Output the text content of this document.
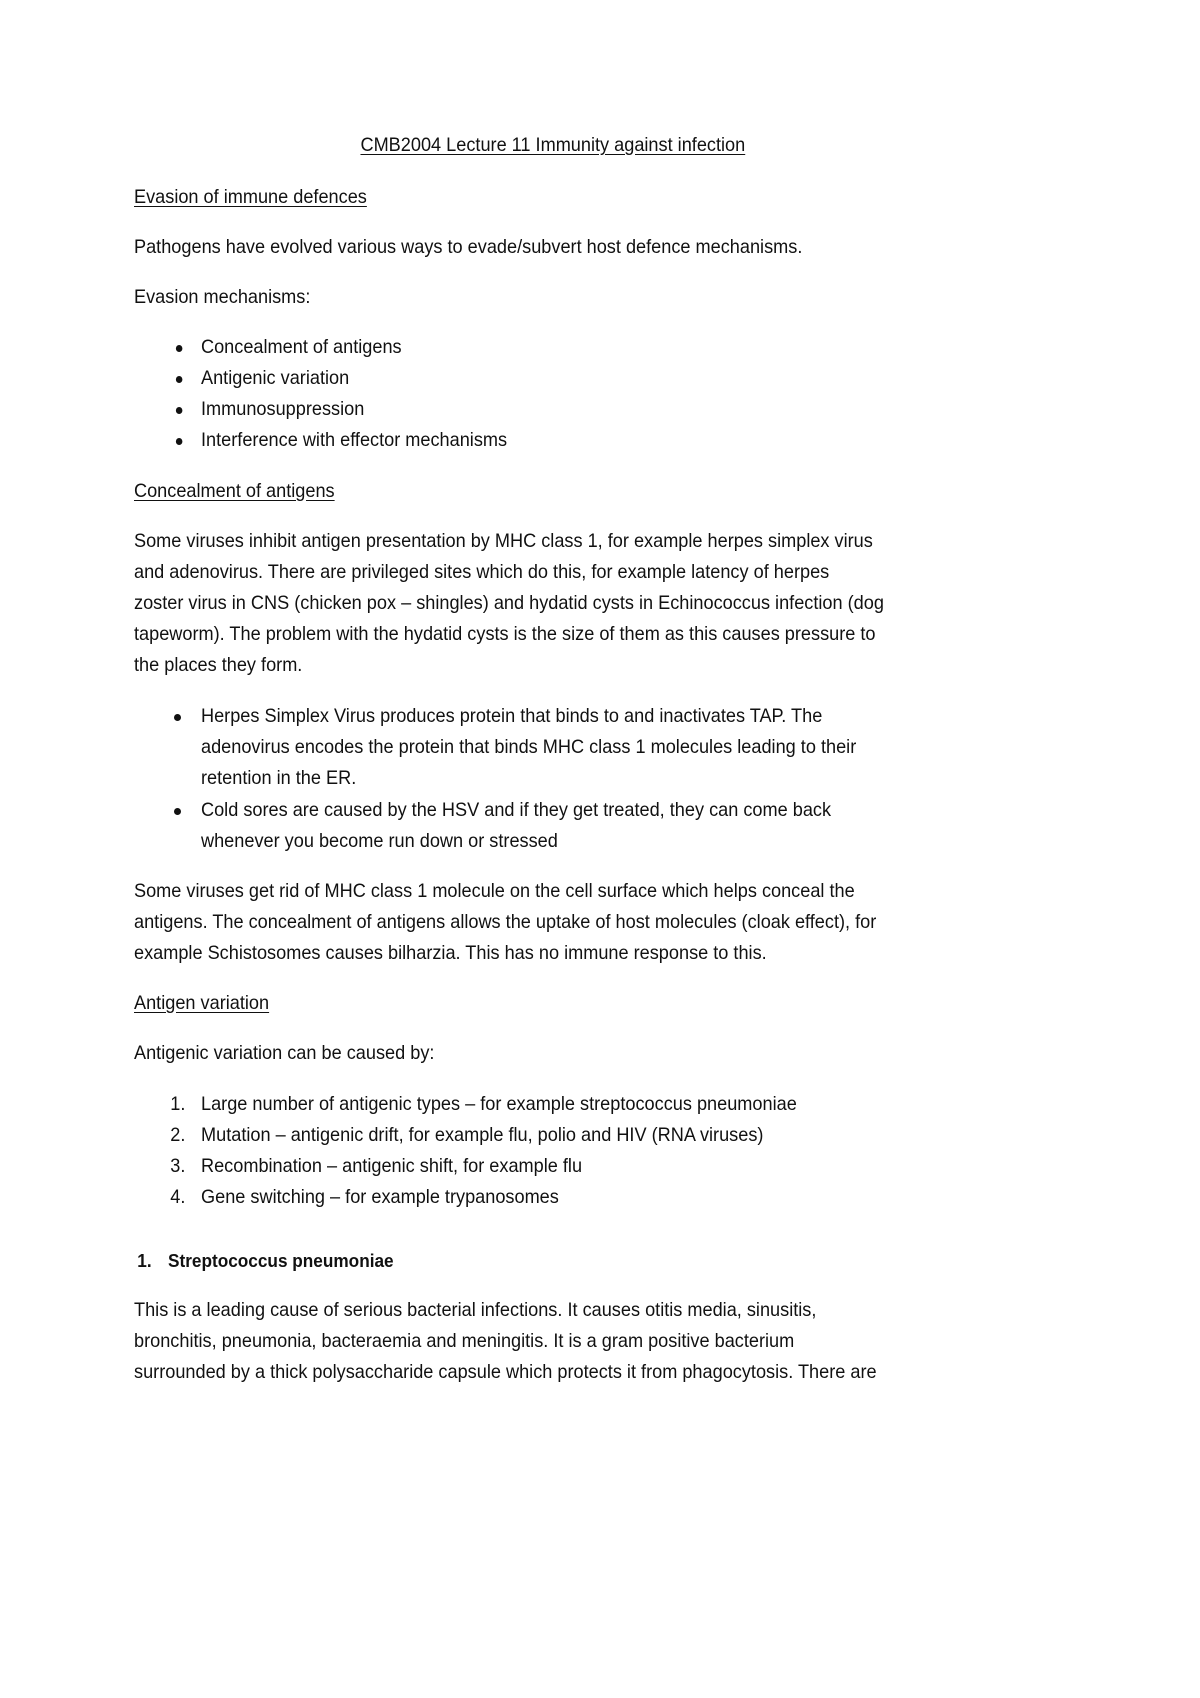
CMB2004 Lecture 11 Immunity against infection
Evasion of immune defences
Pathogens have evolved various ways to evade/subvert host defence mechanisms.
Evasion mechanisms:
Concealment of antigens
Antigenic variation
Immunosuppression
Interference with effector mechanisms
Concealment of antigens
Some viruses inhibit antigen presentation by MHC class 1, for example herpes simplex virus
and adenovirus. There are privileged sites which do this, for example latency of herpes
zoster virus in CNS (chicken pox – shingles) and hydatid cysts in Echinococcus infection (dog
tapeworm). The problem with the hydatid cysts is the size of them as this causes pressure to
the places they form.
Herpes Simplex Virus produces protein that binds to and inactivates TAP. The
adenovirus encodes the protein that binds MHC class 1 molecules leading to their
retention in the ER.
Cold sores are caused by the HSV and if they get treated, they can come back
whenever you become run down or stressed
Some viruses get rid of MHC class 1 molecule on the cell surface which helps conceal the
antigens. The concealment of antigens allows the uptake of host molecules (cloak effect), for
example Schistosomes causes bilharzia. This has no immune response to this.
Antigen variation
Antigenic variation can be caused by:
1. Large number of antigenic types – for example streptococcus pneumoniae
2. Mutation – antigenic drift, for example flu, polio and HIV (RNA viruses)
3. Recombination – antigenic shift, for example flu
4. Gene switching – for example trypanosomes
1. Streptococcus pneumoniae
This is a leading cause of serious bacterial infections. It causes otitis media, sinusitis,
bronchitis, pneumonia, bacteraemia and meningitis. It is a gram positive bacterium
surrounded by a thick polysaccharide capsule which protects it from phagocytosis. There are
